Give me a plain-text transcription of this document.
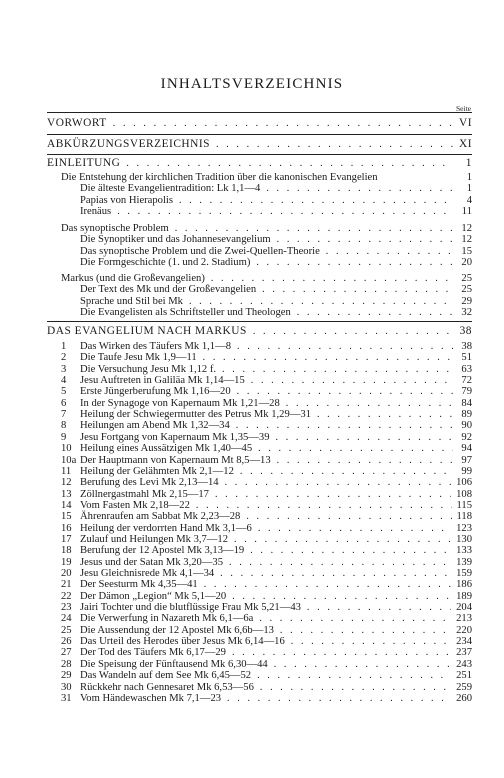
INHALTSVERZEICHNIS
Seite
VORWORT . . .	VI
ABKÜRZUNGSVERZEICHNIS . . .	XI
EINLEITUNG . . .	1
Die Entstehung der kirchlichen Tradition über die kanonischen Evangelien	1
Die älteste Evangelientradition: Lk 1,1—4 . . .	1
Papias von Hierapolis . . .	4
Irenäus . . .	11
Das synoptische Problem . . .	12
Die Synoptiker und das Johannesevangelium . . .	12
Das synoptische Problem und die Zwei-Quellen-Theorie . . .	15
Die Formgeschichte (1. und 2. Stadium) . . .	20
Markus (und die Großevangelien) . . .	25
Der Text des Mk und der Großevangelien . . .	25
Sprache und Stil bei Mk . . .	29
Die Evangelisten als Schriftsteller und Theologen . . .	32
DAS EVANGELIUM NACH MARKUS . . .	38
1 Das Wirken des Täufers Mk 1,1—8 . . .	38
2 Die Taufe Jesu Mk 1,9—11 . . .	51
3 Die Versuchung Jesu Mk 1,12 f. . . .	63
4 Jesu Auftreten in Galiläa Mk 1,14—15 . . .	72
5 Erste Jüngerberufung Mk 1,16—20 . . .	79
6 In der Synagoge von Kapernaum Mk 1,21—28 . . .	84
7 Heilung der Schwiegermutter des Petrus Mk 1,29—31 . . .	89
8 Heilungen am Abend Mk 1,32—34 . . .	90
9 Jesu Fortgang von Kapernaum Mk 1,35—39 . . .	92
10 Heilung eines Aussätzigen Mk 1,40—45 . . .	94
10a Der Hauptmann von Kapernaum Mt 8,5—13 . . .	97
11 Heilung der Gelähmten Mk 2,1—12 . . .	99
12 Berufung des Levi Mk 2,13—14 . . .	106
13 Zöllnergastmahl Mk 2,15—17 . . .	108
14 Vom Fasten Mk 2,18—22 . . .	115
15 Ährenraufen am Sabbat Mk 2,23—28 . . .	118
16 Heilung der verdorrten Hand Mk 3,1—6 . . .	123
17 Zulauf und Heilungen Mk 3,7—12 . . .	130
18 Berufung der 12 Apostel Mk 3,13—19 . . .	133
19 Jesus und der Satan Mk 3,20—35 . . .	139
20 Jesu Gleichnisrede Mk 4,1—34 . . .	159
21 Der Seesturm Mk 4,35—41 . . .	186
22 Der Dämon „Legion“ Mk 5,1—20 . . .	189
23 Jairi Tochter und die blutflüssige Frau Mk 5,21—43 . . .	204
24 Die Verwerfung in Nazareth Mk 6,1—6a . . .	213
25 Die Aussendung der 12 Apostel Mk 6,6b—13 . . .	220
26 Das Urteil des Herodes über Jesus Mk 6,14—16 . . .	234
27 Der Tod des Täufers Mk 6,17—29 . . .	237
28 Die Speisung der Fünftausend Mk 6,30—44 . . .	243
29 Das Wandeln auf dem See Mk 6,45—52 . . .	251
30 Rückkehr nach Gennesaret Mk 6,53—56 . . .	259
31 Vom Händewaschen Mk 7,1—23 . . .	260
